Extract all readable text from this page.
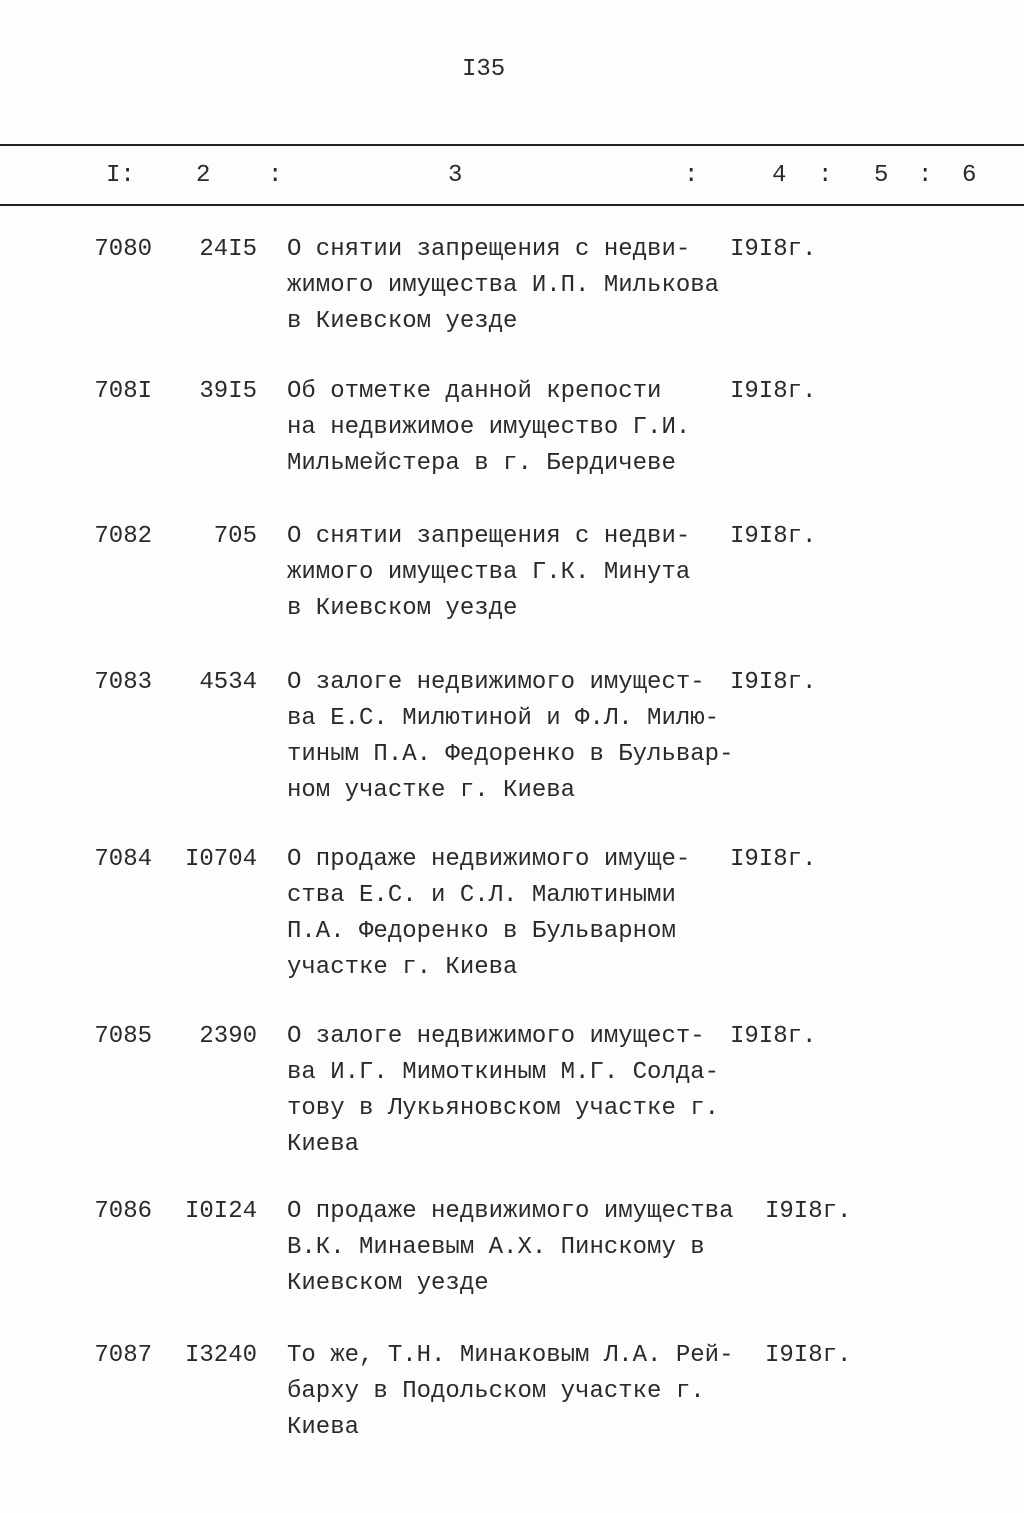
I35
I:	2 :	3	:	4 : 5 : 6
7080	24I5 О снятии запрещения с недви-
жимого имущества И.П. Милькова
в Киевском уезде
I9I8г.
708I	39I5 Об отметке данной крепости
на недвижимое имущество Г.И.
Мильмейстера в г. Бердичеве
I9I8г.
7082	705 О снятии запрещения с недви-
жимого имущества Г.К. Минута
в Киевском уезде
I9I8г.
7083	4534 О залоге недвижимого имущест-
ва Е.С. Милютиной и Ф.Л. Милю-
тиным П.А. Федоренко в Бульвар-
ном участке г. Киева
I9I8г.
7084	I0704 О продаже недвижимого имуще-
ства Е.С. и С.Л. Малютиными
П.А. Федоренко в Бульварном
участке г. Киева
I9I8г.
7085	2390 О залоге недвижимого имущест-
ва И.Г. Мимоткиным М.Г. Солда-
тову в Лукьяновском участке г.
Киева
I9I8г.
7086	I0I24 О продаже недвижимого имущества
В.К. Минаевым А.Х. Пинскому в
Киевском уезде
I9I8г.
7087	I3240 То же, Т.Н. Минаковым Л.А. Рей-
барху в Подольском участке г.
Киева
I9I8г.
